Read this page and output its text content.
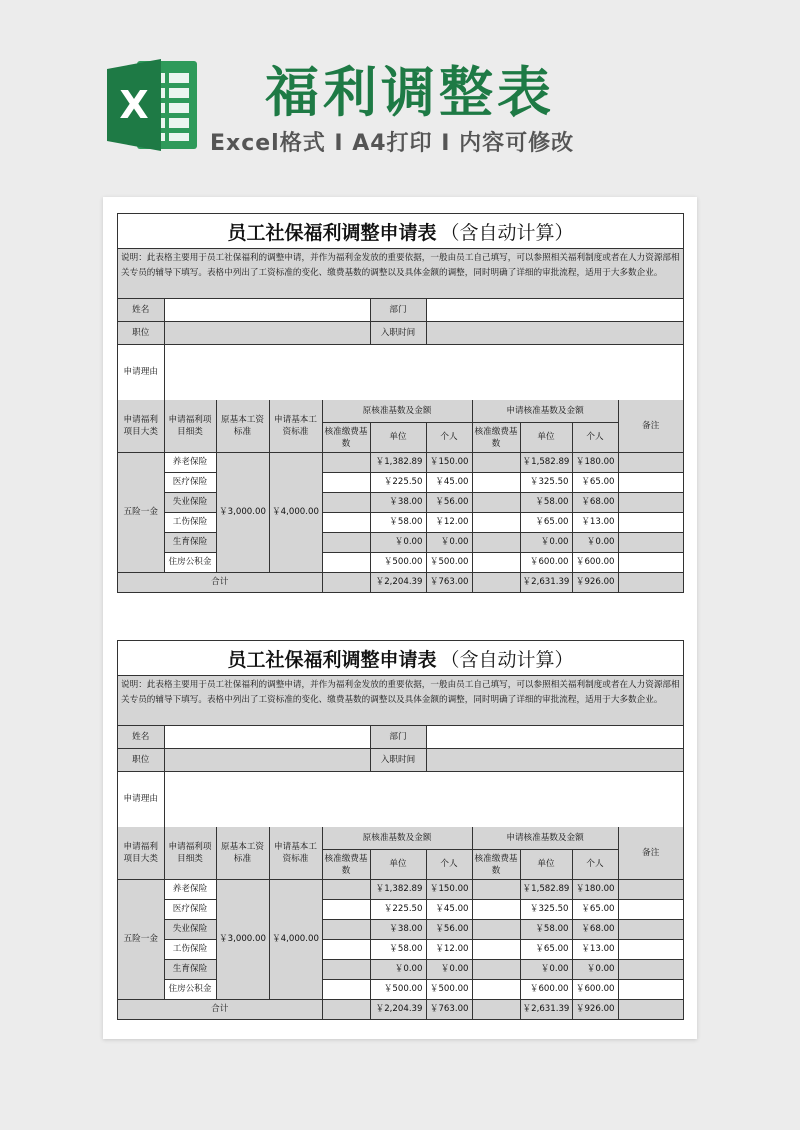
X	福利调整表
Excel格式 I A4打印 I 内容可修改
员工社保福利调整申请表 （含自动计算）
说明：此表格主要用于员工社保福利的调整申请，并作为福利金发放的重要依据，一般由员工自己填写，可以参照相关福利制度或者在人力资源部相关专员的辅导下填写。表格中列出了工资标准的变化、缴费基数的调整以及具体金额的调整，同时明确了详细的审批流程，适用于大多数企业。
姓名		部门	
职位		入职时间	
申请理由			
申请福利项目大类	申请福利项目细类	原基本工资标准	申请基本工资标准	原核准基数及金额			申请核准基数及金额			备注
				核准缴费基数	单位	个人	核准缴费基数	单位	个人	
五险一金	养老保险	￥3,000.00	￥4,000.00		￥1,382.89	￥150.00		￥1,582.89	￥180.00	
	医疗保险				￥225.50	￥45.00		￥325.50	￥65.00	
	失业保险				￥38.00	￥56.00		￥58.00	￥68.00	
	工伤保险				￥58.00	￥12.00		￥65.00	￥13.00	
	生育保险				￥0.00	￥0.00		￥0.00	￥0.00	
	住房公积金				￥500.00	￥500.00		￥600.00	￥600.00	
合计					￥2,204.39	￥763.00		￥2,631.39	￥926.00	
员工社保福利调整申请表 （含自动计算）
说明：此表格主要用于员工社保福利的调整申请，并作为福利金发放的重要依据，一般由员工自己填写，可以参照相关福利制度或者在人力资源部相关专员的辅导下填写。表格中列出了工资标准的变化、缴费基数的调整以及具体金额的调整，同时明确了详细的审批流程，适用于大多数企业。
姓名		部门	
职位		入职时间	
申请理由			
申请福利项目大类	申请福利项目细类	原基本工资标准	申请基本工资标准	原核准基数及金额			申请核准基数及金额			备注
				核准缴费基数	单位	个人	核准缴费基数	单位	个人	
五险一金	养老保险	￥3,000.00	￥4,000.00		￥1,382.89	￥150.00		￥1,582.89	￥180.00	
	医疗保险				￥225.50	￥45.00		￥325.50	￥65.00	
	失业保险				￥38.00	￥56.00		￥58.00	￥68.00	
	工伤保险				￥58.00	￥12.00		￥65.00	￥13.00	
	生育保险				￥0.00	￥0.00		￥0.00	￥0.00	
	住房公积金				￥500.00	￥500.00		￥600.00	￥600.00	
合计					￥2,204.39	￥763.00		￥2,631.39	￥926.00	
